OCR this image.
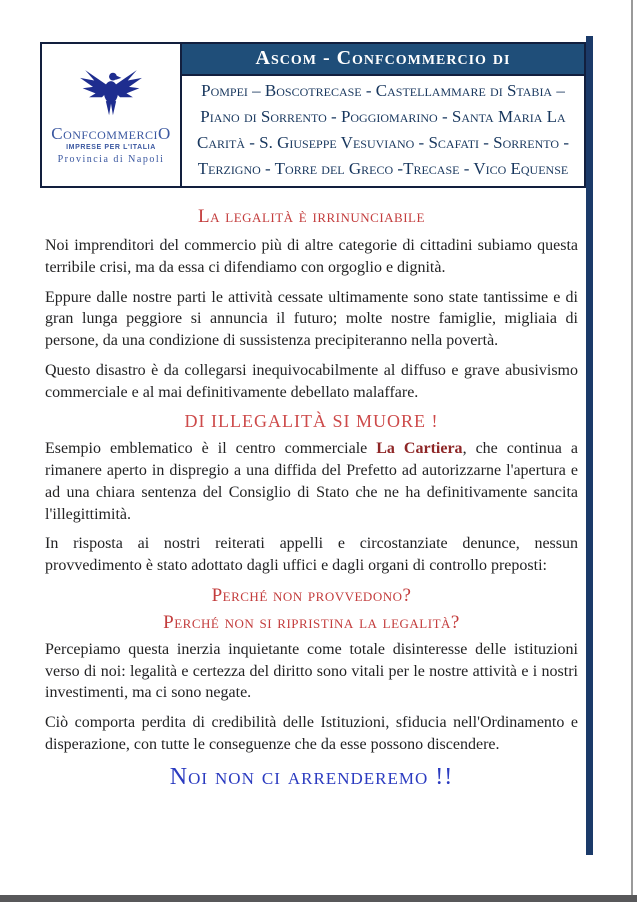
ConfcommerciO
IMPRESE PER L'ITALIA
Provincia di Napoli
Ascom - Confcommercio di
Pompei – Boscotrecase - Castellammare di Stabia – Piano di Sorrento - Poggiomarino - Santa Maria La Carità - S. Giuseppe Vesuviano - Scafati - Sorrento - Terzigno - Torre del Greco -Trecase - Vico Equense
La legalità è irrinunciabile

Noi imprenditori del commercio più di altre categorie di cittadini subiamo questa terribile crisi, ma da essa ci difendiamo con orgoglio e dignità.

Eppure dalle nostre parti le attività cessate ultimamente sono state tantissime e di gran lunga peggiore si annuncia il futuro; molte nostre famiglie, migliaia di persone, da una condizione di sussistenza precipiteranno nella povertà.

Questo disastro è da collegarsi inequivocabilmente al diffuso e grave abusivismo commerciale e al mai definitivamente debellato malaffare.

DI ILLEGALITÀ SI MUORE !

Esempio emblematico è il centro commerciale La Cartiera, che continua a rimanere aperto in dispregio a una diffida del Prefetto ad autorizzarne l'apertura e ad una chiara sentenza del Consiglio di Stato che ne ha definitivamente sancita l'illegittimità.

In risposta ai nostri reiterati appelli e circostanziate denunce, nessun provvedimento è stato adottato dagli uffici e dagli organi di controllo preposti:

Perché non provvedono?
Perché non si ripristina la legalità?

Percepiamo questa inerzia inquietante come totale disinteresse delle istituzioni verso di noi: legalità e certezza del diritto sono vitali per le nostre attività e i nostri investimenti, ma ci sono negate.

Ciò comporta perdita di credibilità delle Istituzioni, sfiducia nell'Ordinamento e disperazione, con tutte le conseguenze che da esse possono discendere.

Noi non ci arrenderemo !!
